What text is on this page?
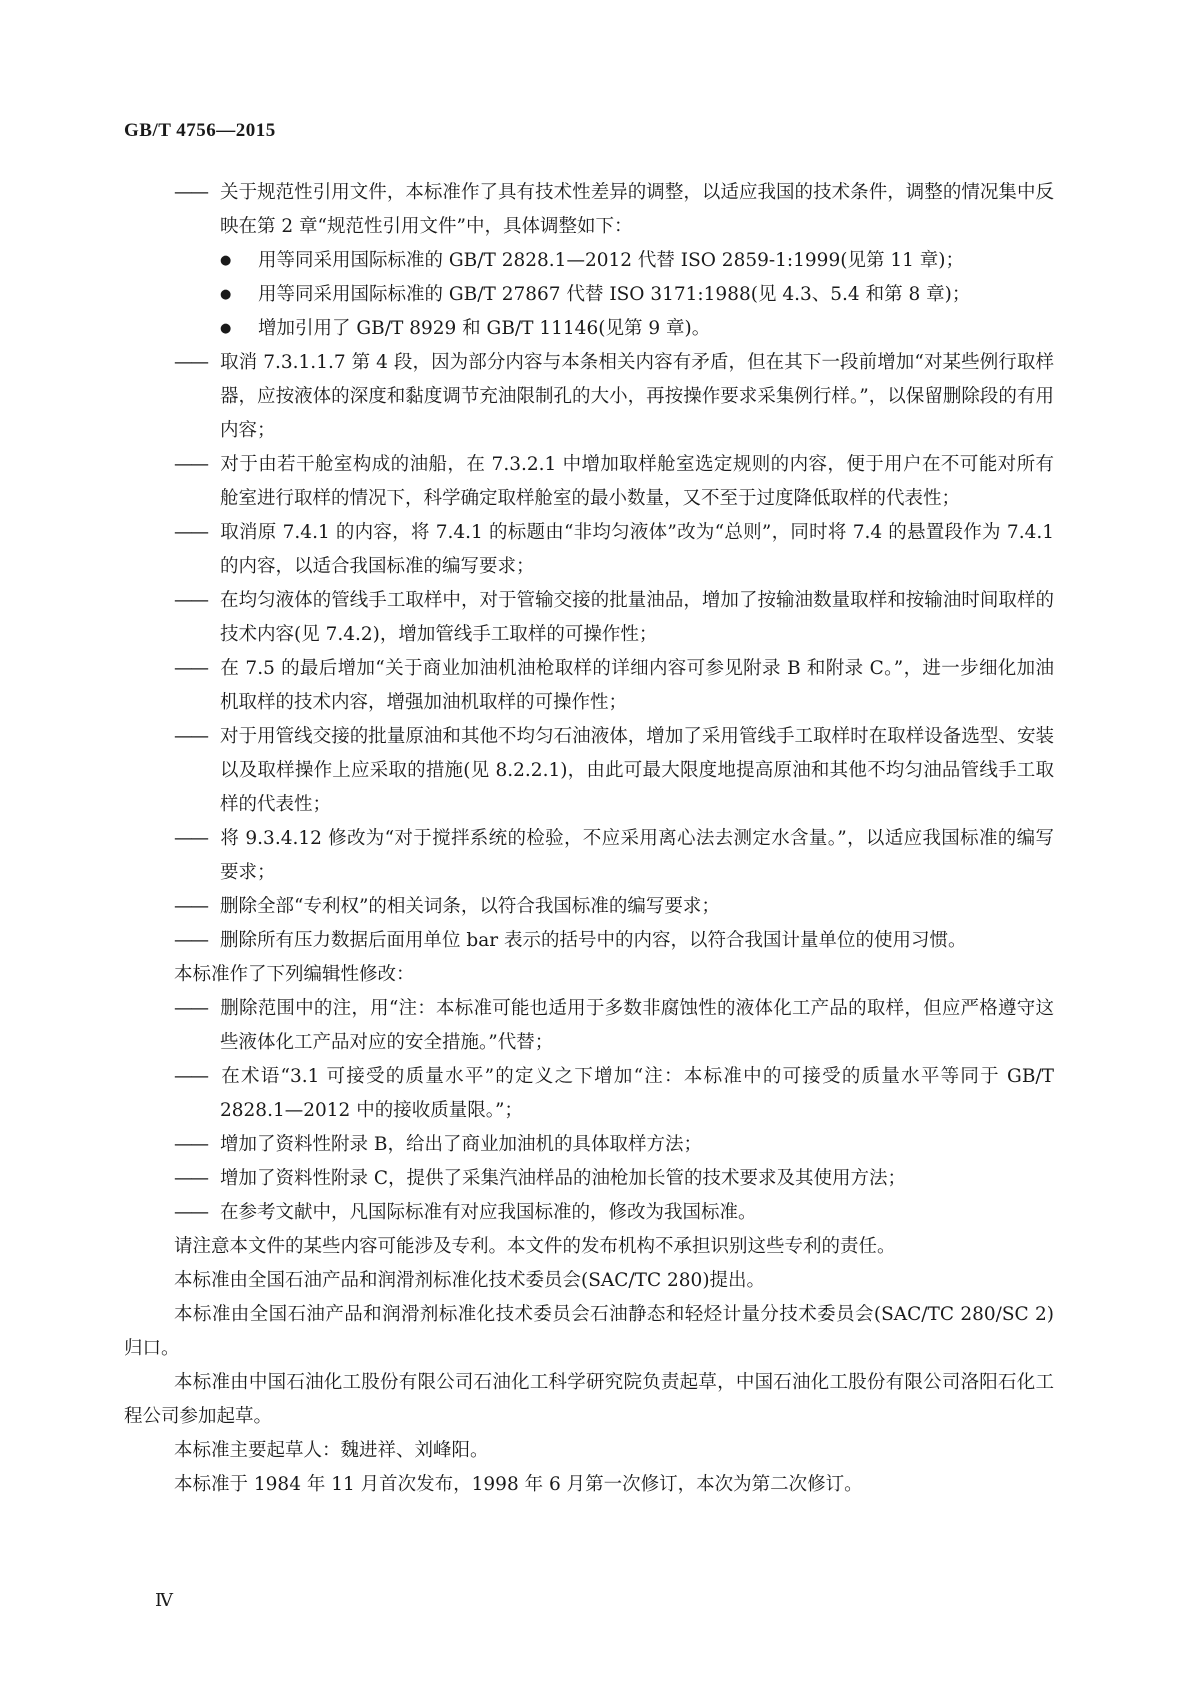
GB/T 4756—2015
—— 关于规范性引用文件，本标准作了具有技术性差异的调整，以适应我国的技术条件，调整的情况集中反映在第 2 章“规范性引用文件”中，具体调整如下：
● 用等同采用国际标准的 GB/T 2828.1—2012 代替 ISO 2859-1:1999(见第 11 章)；
● 用等同采用国际标准的 GB/T 27867 代替 ISO 3171:1988(见 4.3、5.4 和第 8 章)；
● 增加引用了 GB/T 8929 和 GB/T 11146(见第 9 章)。
—— 取消 7.3.1.1.7 第 4 段，因为部分内容与本条相关内容有矛盾，但在其下一段前增加“对某些例行取样器，应按液体的深度和黏度调节充油限制孔的大小，再按操作要求采集例行样。”，以保留删除段的有用内容；
—— 对于由若干舱室构成的油船，在 7.3.2.1 中增加取样舱室选定规则的内容，便于用户在不可能对所有舱室进行取样的情况下，科学确定取样舱室的最小数量，又不至于过度降低取样的代表性；
—— 取消原 7.4.1 的内容，将 7.4.1 的标题由“非均匀液体”改为“总则”，同时将 7.4 的悬置段作为 7.4.1 的内容，以适合我国标准的编写要求；
—— 在均匀液体的管线手工取样中，对于管输交接的批量油品，增加了按输油数量取样和按输油时间取样的技术内容(见 7.4.2)，增加管线手工取样的可操作性；
—— 在 7.5 的最后增加“关于商业加油机油枪取样的详细内容可参见附录 B 和附录 C。”，进一步细化加油机取样的技术内容，增强加油机取样的可操作性；
—— 对于用管线交接的批量原油和其他不均匀石油液体，增加了采用管线手工取样时在取样设备选型、安装以及取样操作上应采取的措施(见 8.2.2.1)，由此可最大限度地提高原油和其他不均匀油品管线手工取样的代表性；
—— 将 9.3.4.12 修改为“对于搅拌系统的检验，不应采用离心法去测定水含量。”，以适应我国标准的编写要求；
—— 删除全部“专利权”的相关词条，以符合我国标准的编写要求；
—— 删除所有压力数据后面用单位 bar 表示的括号中的内容，以符合我国计量单位的使用习惯。
本标准作了下列编辑性修改：
—— 删除范围中的注，用“注：本标准可能也适用于多数非腐蚀性的液体化工产品的取样，但应严格遵守这些液体化工产品对应的安全措施。”代替；
—— 在术语“3.1 可接受的质量水平”的定义之下增加“注：本标准中的可接受的质量水平等同于 GB/T 2828.1—2012 中的接收质量限。”；
—— 增加了资料性附录 B，给出了商业加油机的具体取样方法；
—— 增加了资料性附录 C，提供了采集汽油样品的油枪加长管的技术要求及其使用方法；
—— 在参考文献中，凡国际标准有对应我国标准的，修改为我国标准。
请注意本文件的某些内容可能涉及专利。本文件的发布机构不承担识别这些专利的责任。
本标准由全国石油产品和润滑剂标准化技术委员会(SAC/TC 280)提出。
本标准由全国石油产品和润滑剂标准化技术委员会石油静态和轻烃计量分技术委员会(SAC/TC 280/SC 2)归口。
本标准由中国石油化工股份有限公司石油化工科学研究院负责起草，中国石油化工股份有限公司洛阳石化工程公司参加起草。
本标准主要起草人：魏进祥、刘峰阳。
本标准于 1984 年 11 月首次发布，1998 年 6 月第一次修订，本次为第二次修订。
Ⅳ
